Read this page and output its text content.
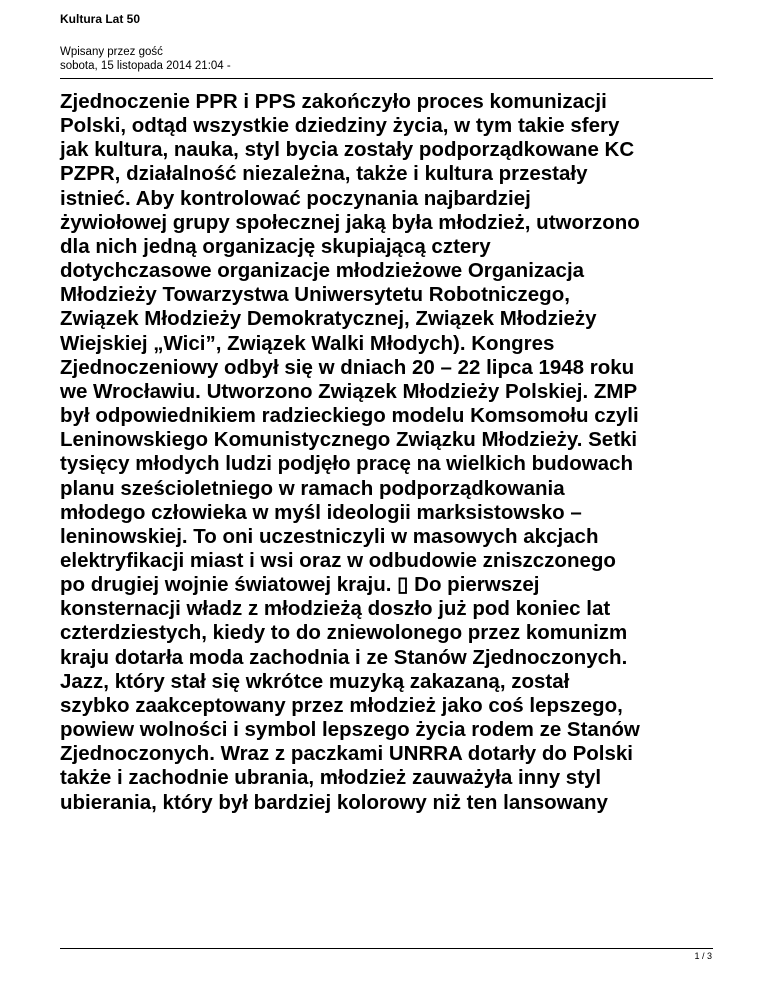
Kultura Lat 50
Wpisany przez gość
sobota, 15 listopada 2014 21:04 -
Zjednoczenie PPR i PPS zakończyło proces komunizacji
Polski, odtąd wszystkie dziedziny życia, w tym takie sfery
jak kultura, nauka, styl bycia zostały podporządkowane KC
PZPR, działalność niezależna, także i kultura przestały
istnieć. Aby kontrolować poczynania najbardziej
żywiołowej grupy społecznej jaką była młodzież, utworzono
dla nich jedną organizację skupiającą cztery
dotychczasowe organizacje młodzieżowe Organizacja
Młodzieży Towarzystwa Uniwersytetu Robotniczego,
Związek Młodzieży Demokratycznej, Związek Młodzieży
Wiejskiej „Wici”, Związek Walki Młodych). Kongres
Zjednoczeniowy odbył się w dniach 20 – 22 lipca 1948 roku
we Wrocławiu. Utworzono Związek Młodzieży Polskiej. ZMP
był odpowiednikiem radzieckiego modelu Komsomołu czyli
Leninowskiego Komunistycznego Związku Młodzieży. Setki
tysięcy młodych ludzi podjęło pracę na wielkich budowach
planu sześcioletniego w ramach podporządkowania
młodego człowieka w myśl ideologii marksistowsko –
leninowskiej. To oni uczestniczyli w masowych akcjach
elektryfikacji miast i wsi oraz w odbudowie zniszczonego
po drugiej wojnie światowej kraju. ▯ Do pierwszej
konsternacji władz z młodzieżą doszło już pod koniec lat
czterdziestych, kiedy to do zniewolonego przez komunizm
kraju dotarła moda zachodnia i ze Stanów Zjednoczonych.
Jazz, który stał się wkrótce muzyką zakazaną, został
szybko zaakceptowany przez młodzież jako coś lepszego,
powiew wolności i symbol lepszego życia rodem ze Stanów
Zjednoczonych. Wraz z paczkami UNRRA dotarły do Polski
także i zachodnie ubrania, młodzież zauważyła inny styl
ubierania, który był bardziej kolorowy niż ten lansowany
1 / 3
